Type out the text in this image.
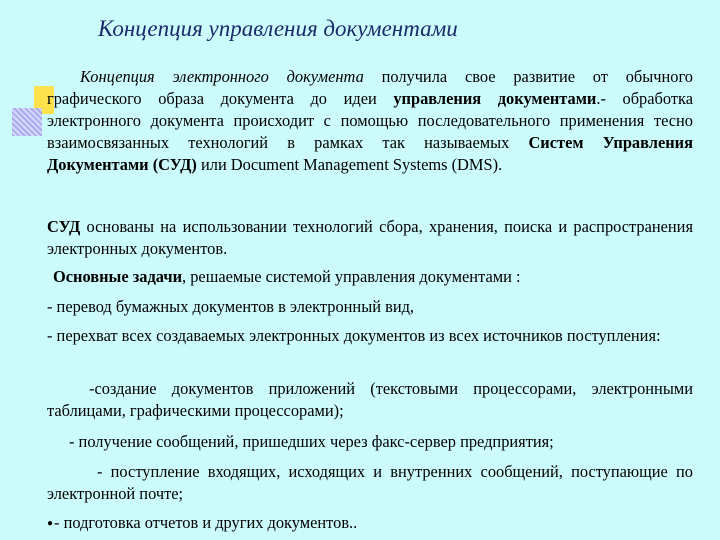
Концепция управления документами
Концепция электронного документа получила свое развитие от обычного графического образа документа до идеи управления документами.- обработка электронного документа происходит с помощью последовательного применения тесно взаимосвязанных технологий в рамках так называемых Систем Управления Документами (СУД) или Document Management Systems (DMS).
СУД основаны на использовании технологий сбора, хранения, поиска и распространения электронных документов.
Основные задачи, решаемые системой управления документами :
- перевод бумажных документов в электронный вид,
- перехват всех создаваемых электронных документов из всех источников поступления:
-создание документов приложений (текстовыми процессорами, электронными таблицами, графическими процессорами);
- получение сообщений, пришедших через факс-сервер предприятия;
- поступление входящих, исходящих и внутренних сообщений, поступающие по электронной почте;
●- подготовка отчетов и других документов..
